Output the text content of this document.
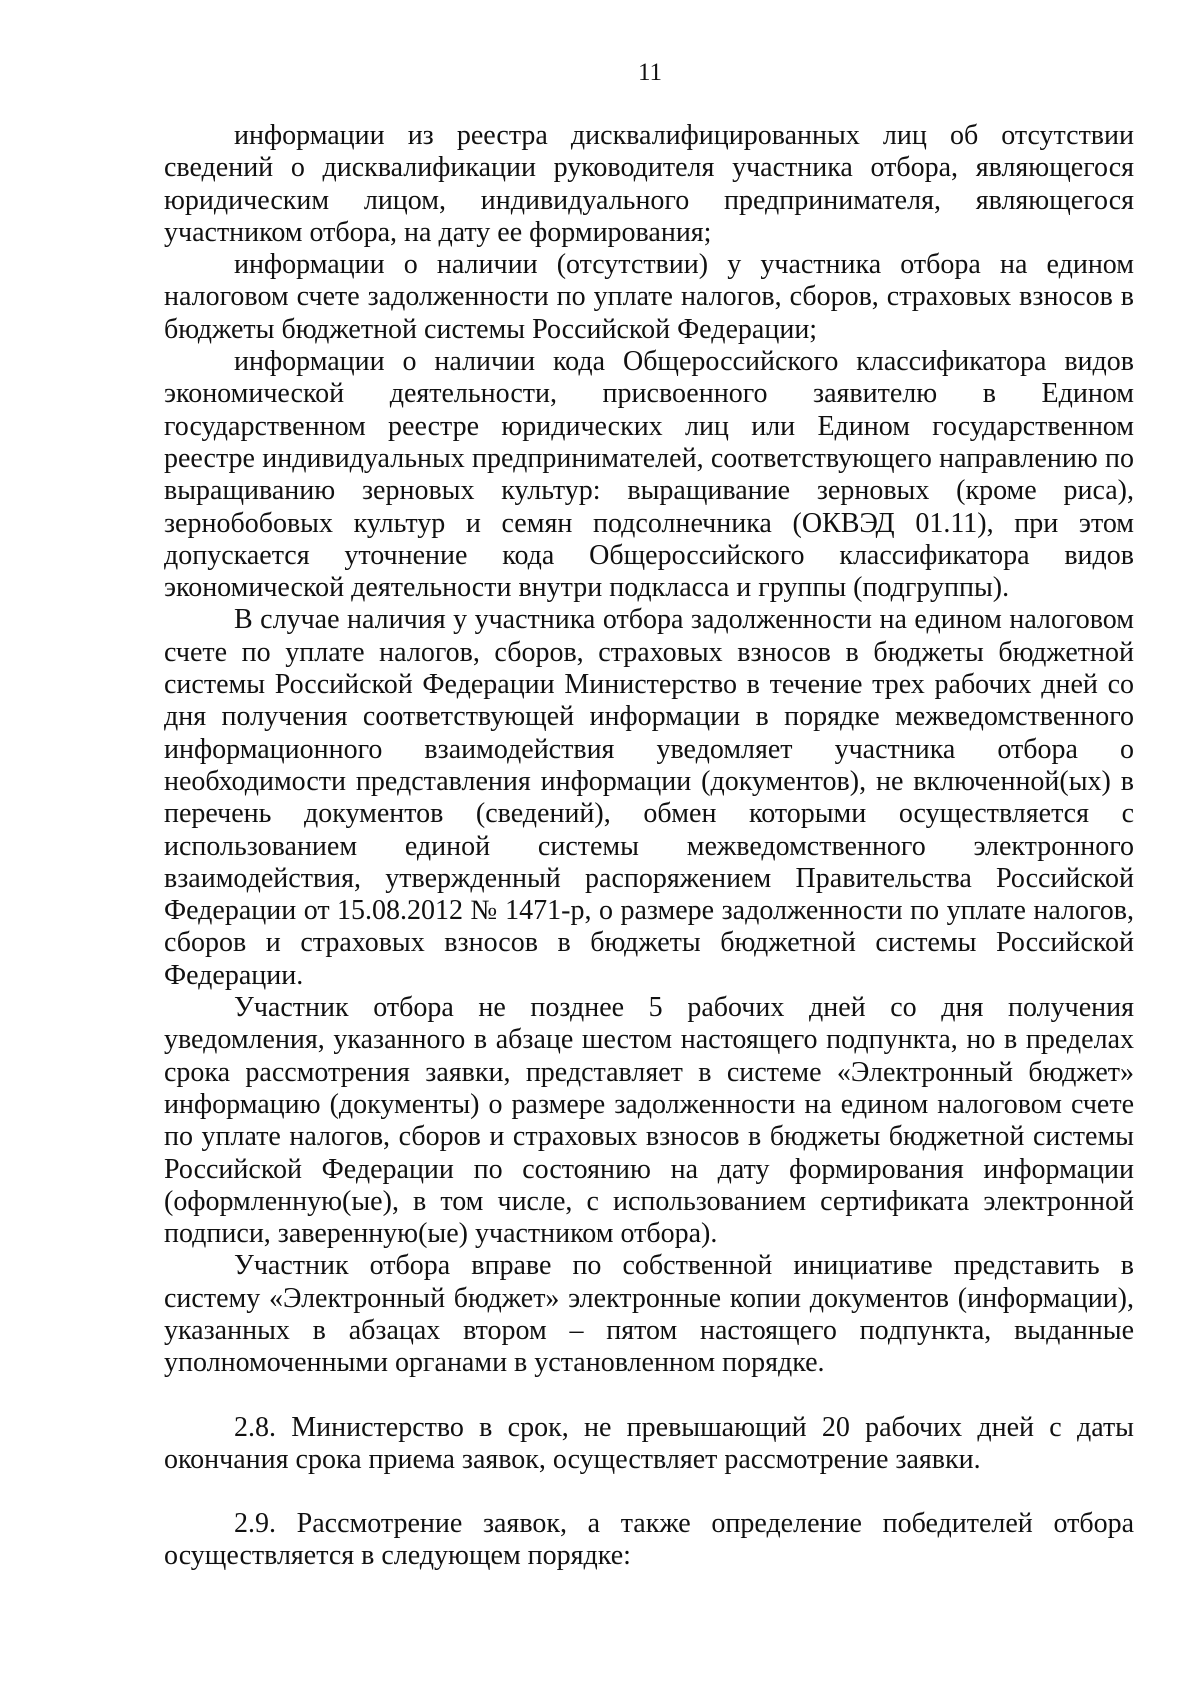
11

информации из реестра дисквалифицированных лиц об отсутствии сведений о дисквалификации руководителя участника отбора, являющегося юридическим лицом, индивидуального предпринимателя, являющегося участником отбора, на дату ее формирования;

информации о наличии (отсутствии) у участника отбора на едином налоговом счете задолженности по уплате налогов, сборов, страховых взносов в бюджеты бюджетной системы Российской Федерации;

информации о наличии кода Общероссийского классификатора видов экономической деятельности, присвоенного заявителю в Едином государственном реестре юридических лиц или Едином государственном реестре индивидуальных предпринимателей, соответствующего направлению по выращиванию зерновых культур: выращивание зерновых (кроме риса), зернобобовых культур и семян подсолнечника (ОКВЭД 01.11), при этом допускается уточнение кода Общероссийского классификатора видов экономической деятельности внутри подкласса и группы (подгруппы).

В случае наличия у участника отбора задолженности на едином налоговом счете по уплате налогов, сборов, страховых взносов в бюджеты бюджетной системы Российской Федерации Министерство в течение трех рабочих дней со дня получения соответствующей информации в порядке межведомственного информационного взаимодействия уведомляет участника отбора о необходимости представления информации (документов), не включенной(ых) в перечень документов (сведений), обмен которыми осуществляется с использованием единой системы межведомственного электронного взаимодействия, утвержденный распоряжением Правительства Российской Федерации от 15.08.2012 № 1471-р, о размере задолженности по уплате налогов, сборов и страховых взносов в бюджеты бюджетной системы Российской Федерации.

Участник отбора не позднее 5 рабочих дней со дня получения уведомления, указанного в абзаце шестом настоящего подпункта, но в пределах срока рассмотрения заявки, представляет в системе «Электронный бюджет» информацию (документы) о размере задолженности на едином налоговом счете по уплате налогов, сборов и страховых взносов в бюджеты бюджетной системы Российской Федерации по состоянию на дату формирования информации (оформленную(ые), в том числе, с использованием сертификата электронной подписи, заверенную(ые) участником отбора).

Участник отбора вправе по собственной инициативе представить в систему «Электронный бюджет» электронные копии документов (информации), указанных в абзацах втором – пятом настоящего подпункта, выданные уполномоченными органами в установленном порядке.

2.8. Министерство в срок, не превышающий 20 рабочих дней с даты окончания срока приема заявок, осуществляет рассмотрение заявки.

2.9. Рассмотрение заявок, а также определение победителей отбора осуществляется в следующем порядке:
